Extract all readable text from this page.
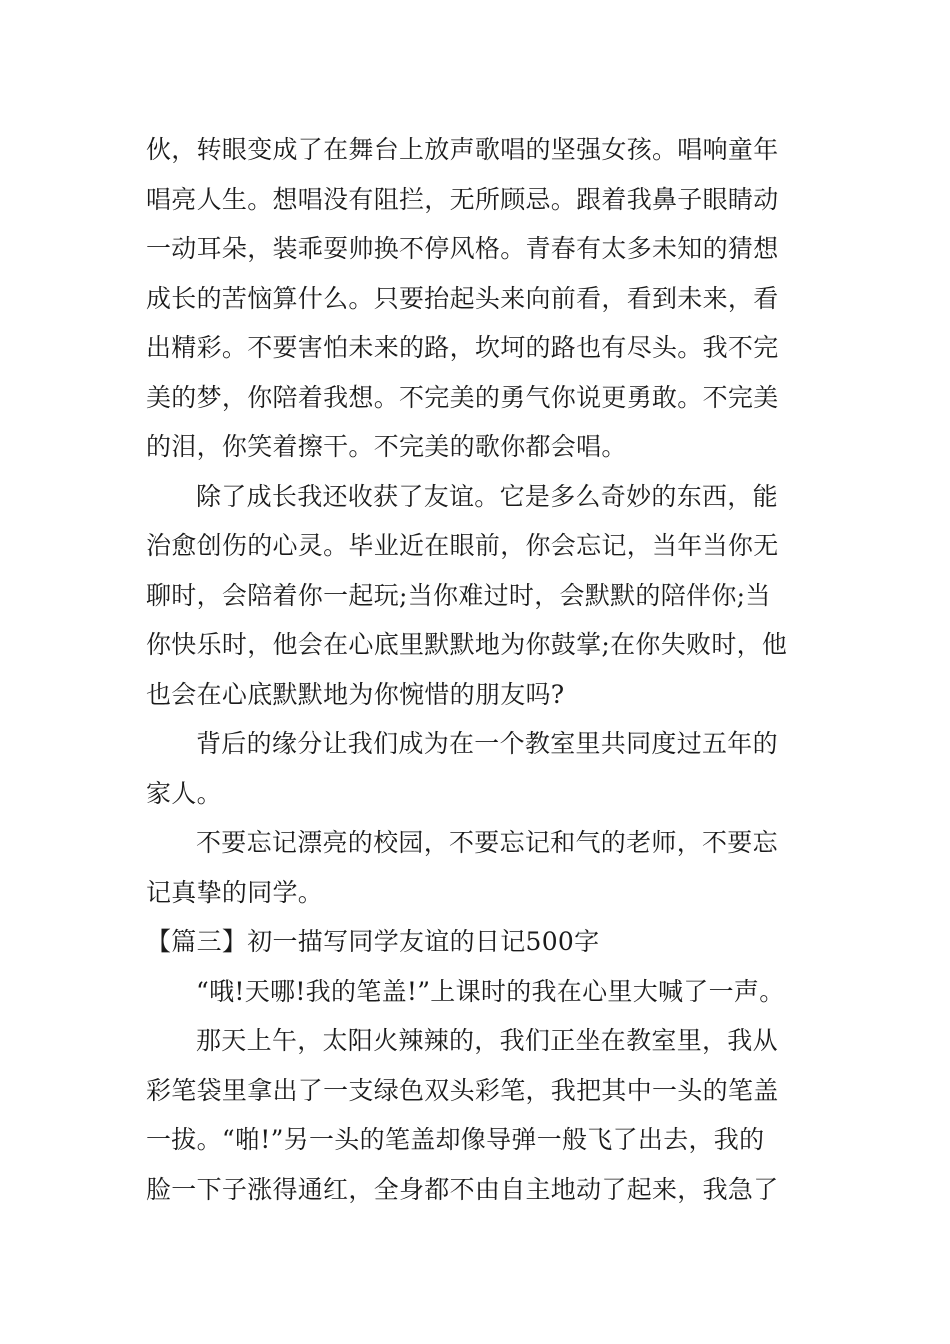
伙，转眼变成了在舞台上放声歌唱的坚强女孩。唱响童年
唱亮人生。想唱没有阻拦，无所顾忌。跟着我鼻子眼睛动
一动耳朵，装乖耍帅换不停风格。青春有太多未知的猜想
成长的苦恼算什么。只要抬起头来向前看，看到未来，看
出精彩。不要害怕未来的路，坎坷的路也有尽头。我不完
美的梦，你陪着我想。不完美的勇气你说更勇敢。不完美
的泪，你笑着擦干。不完美的歌你都会唱。
除了成长我还收获了友谊。它是多么奇妙的东西，能
治愈创伤的心灵。毕业近在眼前，你会忘记，当年当你无
聊时，会陪着你一起玩;当你难过时，会默默的陪伴你;当
你快乐时，他会在心底里默默地为你鼓掌;在你失败时，他
也会在心底默默地为你惋惜的朋友吗?
背后的缘分让我们成为在一个教室里共同度过五年的
家人。
不要忘记漂亮的校园，不要忘记和气的老师，不要忘
记真挚的同学。
【篇三】初一描写同学友谊的日记500字
“哦!天哪!我的笔盖!”上课时的我在心里大喊了一声。
那天上午，太阳火辣辣的，我们正坐在教室里，我从
彩笔袋里拿出了一支绿色双头彩笔，我把其中一头的笔盖
一拔。“啪!”另一头的笔盖却像导弹一般飞了出去，我的
脸一下子涨得通红，全身都不由自主地动了起来，我急了
